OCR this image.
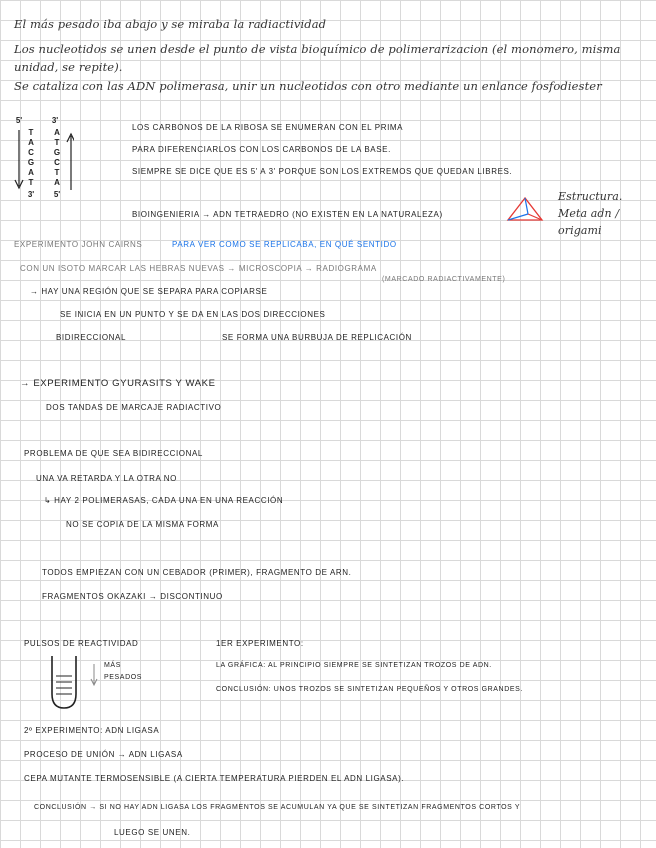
El más pesado iba abajo y se miraba la radiactividad
Los nucleotidos se unen desde el punto de vista bioquímico de polimerarizacion (el monomero, misma
unidad, se repite).
Se cataliza con las ADN polimerasa, unir un nucleotidos con otro mediante un enlance fosfodiester
5'
T
A
C
G
A
T
3'
3'
A
T
G
C
T
A
5'
LOS CARBONOS DE LA RIBOSA SE ENUMERAN CON EL PRIMA
PARA DIFERENCIARLOS CON LOS CARBONOS DE LA BASE.
SIEMPRE SE DICE QUE ES 5' A 3' PORQUE SON LOS EXTREMOS QUE QUEDAN LIBRES.
BIOINGENIERIA → ADN TETRAEDRO (NO EXISTEN EN LA NATURALEZA)
Estructura.
Meta adn /
origami
EXPERIMENTO JOHN CAIRNS	PARA VER COMO SE REPLICABA, EN QUÉ SENTIDO
CON UN ISOTO MARCAR LAS HEBRAS NUEVAS → MICROSCOPIA → RADIOGRAMA
(MARCADO RADIACTIVAMENTE)
→ HAY UNA REGIÓN QUE SE SEPARA PARA COPIARSE
SE INICIA EN UN PUNTO Y SE DA EN LAS DOS DIRECCIONES
BIDIRECCIONAL	SE FORMA UNA BURBUJA DE REPLICACIÓN
→ EXPERIMENTO GYURASITS Y WAKE
DOS TANDAS DE MARCAJE RADIACTIVO
PROBLEMA DE QUE SEA BIDIRECCIONAL
UNA VA RETARDA Y LA OTRA NO
↳ HAY 2 POLIMERASAS, CADA UNA EN UNA REACCIÓN
NO SE COPIA DE LA MISMA FORMA
TODOS EMPIEZAN CON UN CEBADOR (PRIMER), FRAGMENTO DE ARN.
FRAGMENTOS OKAZAKI → DISCONTINUO
PULSOS DE REACTIVIDAD
MÁS
PESADOS
1ER EXPERIMENTO:
LA GRÁFICA: AL PRINCIPIO SIEMPRE SE SINTETIZAN TROZOS DE ADN.
CONCLUSIÓN: UNOS TROZOS SE SINTETIZAN PEQUEÑOS Y OTROS GRANDES.
2º EXPERIMENTO: ADN LIGASA
PROCESO DE UNIÓN → ADN LIGASA
CEPA MUTANTE TERMOSENSIBLE (A CIERTA TEMPERATURA PIERDEN EL ADN LIGASA).
CONCLUSIÓN → SI NO HAY ADN LIGASA LOS FRAGMENTOS SE ACUMULAN YA QUE SE SINTETIZAN FRAGMENTOS CORTOS Y
LUEGO SE UNEN.
